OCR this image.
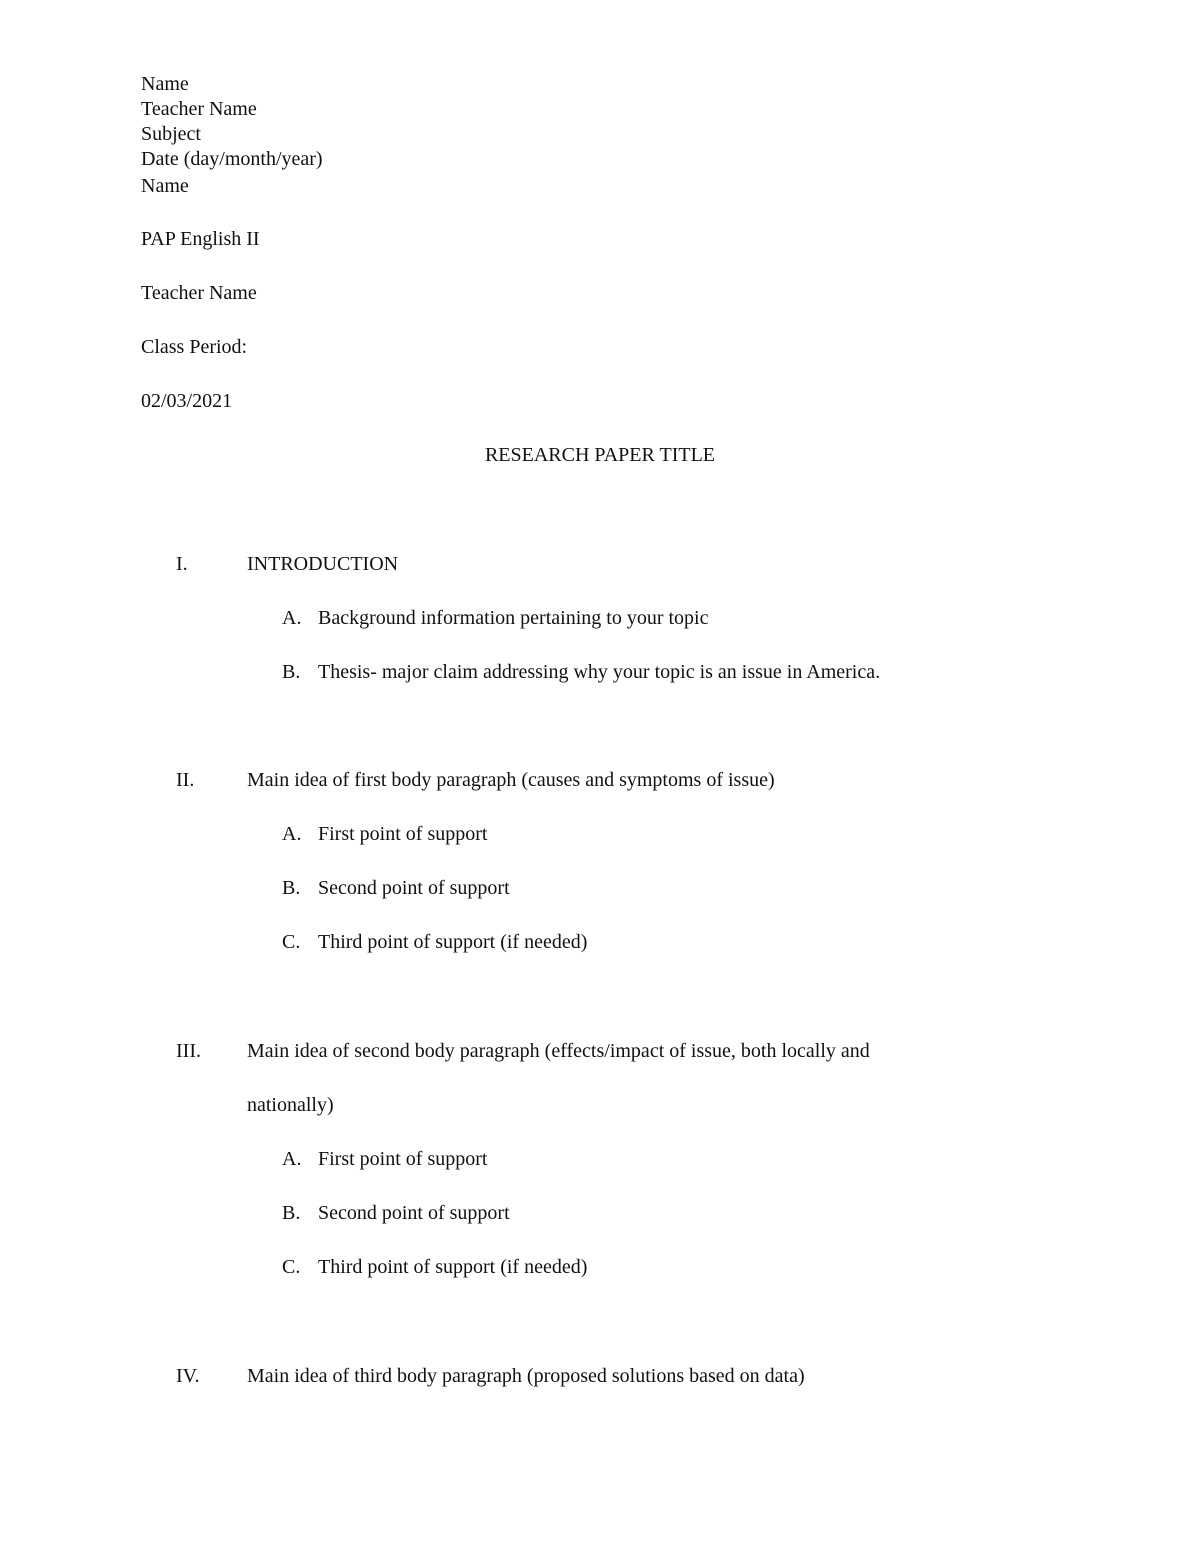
Name
Teacher Name
Subject
Date (day/month/year)
Name
PAP English II
Teacher Name
Class Period:
02/03/2021
RESEARCH PAPER TITLE
I.	INTRODUCTION
A. Background information pertaining to your topic
B. Thesis- major claim addressing why your topic is an issue in America.
II.	Main idea of first body paragraph (causes and symptoms of issue)
A. First point of support
B. Second point of support
C. Third point of support (if needed)
III. Main idea of second body paragraph (effects/impact of issue, both locally and
nationally)
A. First point of support
B. Second point of support
C. Third point of support (if needed)
IV. Main idea of third body paragraph (proposed solutions based on data)
